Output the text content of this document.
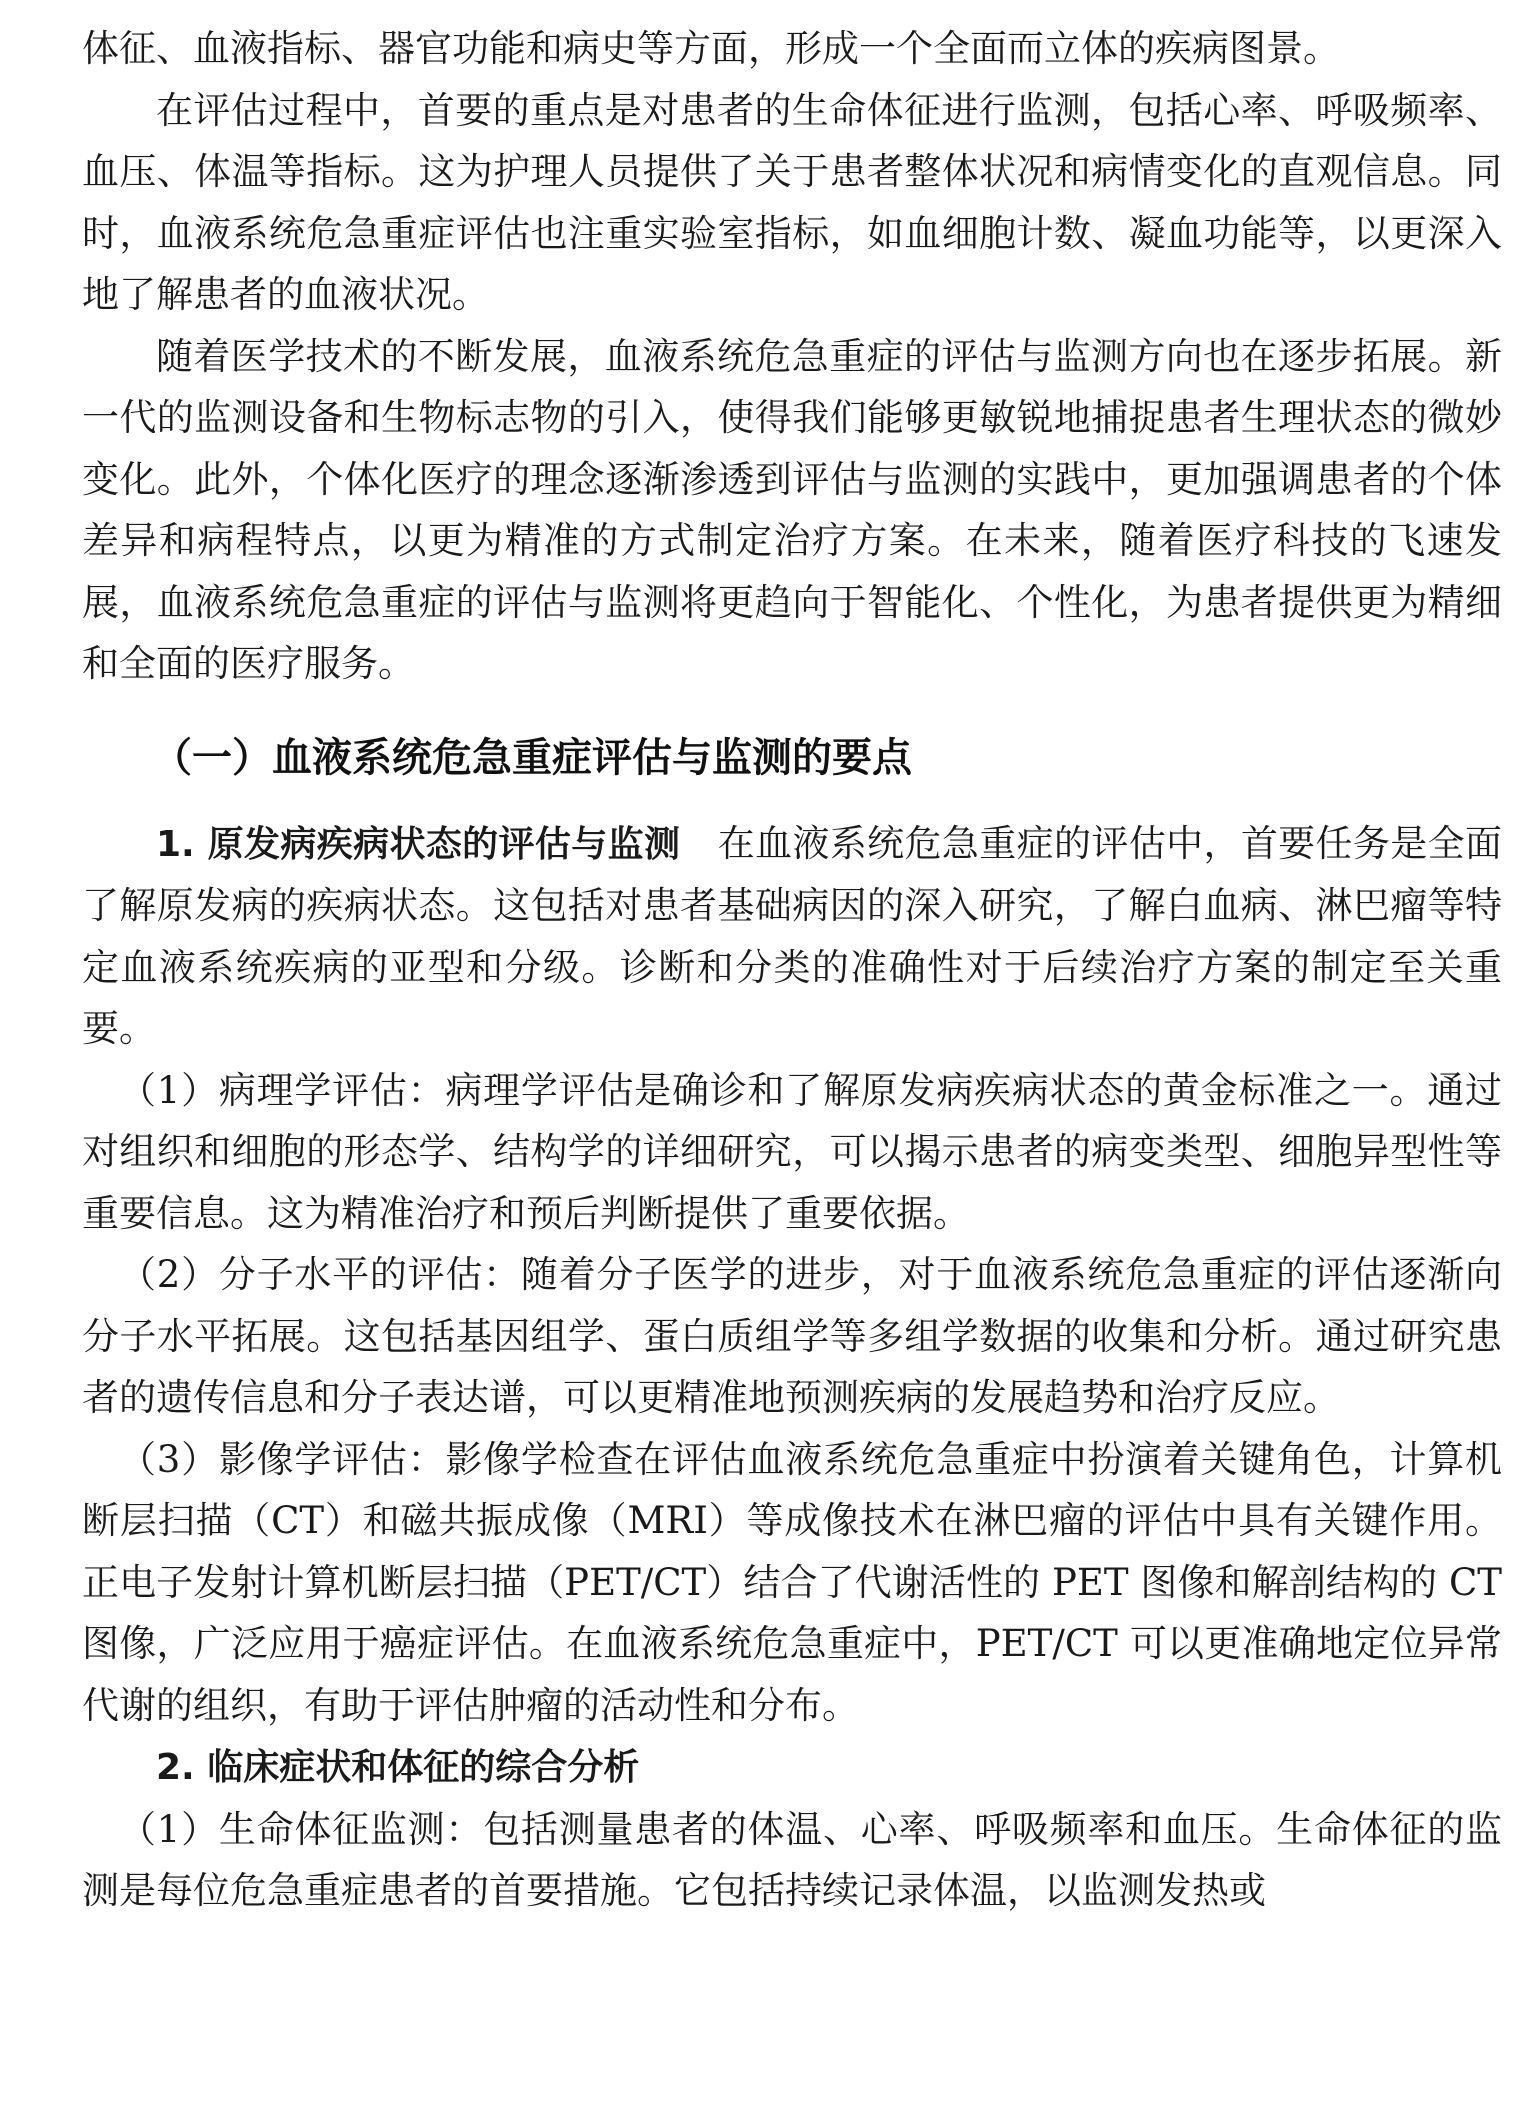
体征、血液指标、器官功能和病史等方面，形成一个全面而立体的疾病图景。

在评估过程中，首要的重点是对患者的生命体征进行监测，包括心率、呼吸频率、血压、体温等指标。这为护理人员提供了关于患者整体状况和病情变化的直观信息。同时，血液系统危急重症评估也注重实验室指标，如血细胞计数、凝血功能等，以更深入地了解患者的血液状况。

随着医学技术的不断发展，血液系统危急重症的评估与监测方向也在逐步拓展。新一代的监测设备和生物标志物的引入，使得我们能够更敏锐地捕捉患者生理状态的微妙变化。此外，个体化医疗的理念逐渐渗透到评估与监测的实践中，更加强调患者的个体差异和病程特点，以更为精准的方式制定治疗方案。在未来，随着医疗科技的飞速发展，血液系统危急重症的评估与监测将更趋向于智能化、个性化，为患者提供更为精细和全面的医疗服务。

（一）血液系统危急重症评估与监测的要点

1. 原发病疾病状态的评估与监测 在血液系统危急重症的评估中，首要任务是全面了解原发病的疾病状态。这包括对患者基础病因的深入研究，了解白血病、淋巴瘤等特定血液系统疾病的亚型和分级。诊断和分类的准确性对于后续治疗方案的制定至关重要。

（1）病理学评估：病理学评估是确诊和了解原发病疾病状态的黄金标准之一。通过对组织和细胞的形态学、结构学的详细研究，可以揭示患者的病变类型、细胞异型性等重要信息。这为精准治疗和预后判断提供了重要依据。

（2）分子水平的评估：随着分子医学的进步，对于血液系统危急重症的评估逐渐向分子水平拓展。这包括基因组学、蛋白质组学等多组学数据的收集和分析。通过研究患者的遗传信息和分子表达谱，可以更精准地预测疾病的发展趋势和治疗反应。

（3）影像学评估：影像学检查在评估血液系统危急重症中扮演着关键角色，计算机断层扫描（CT）和磁共振成像（MRI）等成像技术在淋巴瘤的评估中具有关键作用。正电子发射计算机断层扫描（PET/CT）结合了代谢活性的 PET 图像和解剖结构的 CT 图像，广泛应用于癌症评估。在血液系统危急重症中，PET/CT 可以更准确地定位异常代谢的组织，有助于评估肿瘤的活动性和分布。

2. 临床症状和体征的综合分析

（1）生命体征监测：包括测量患者的体温、心率、呼吸频率和血压。生命体征的监测是每位危急重症患者的首要措施。它包括持续记录体温，以监测发热或
